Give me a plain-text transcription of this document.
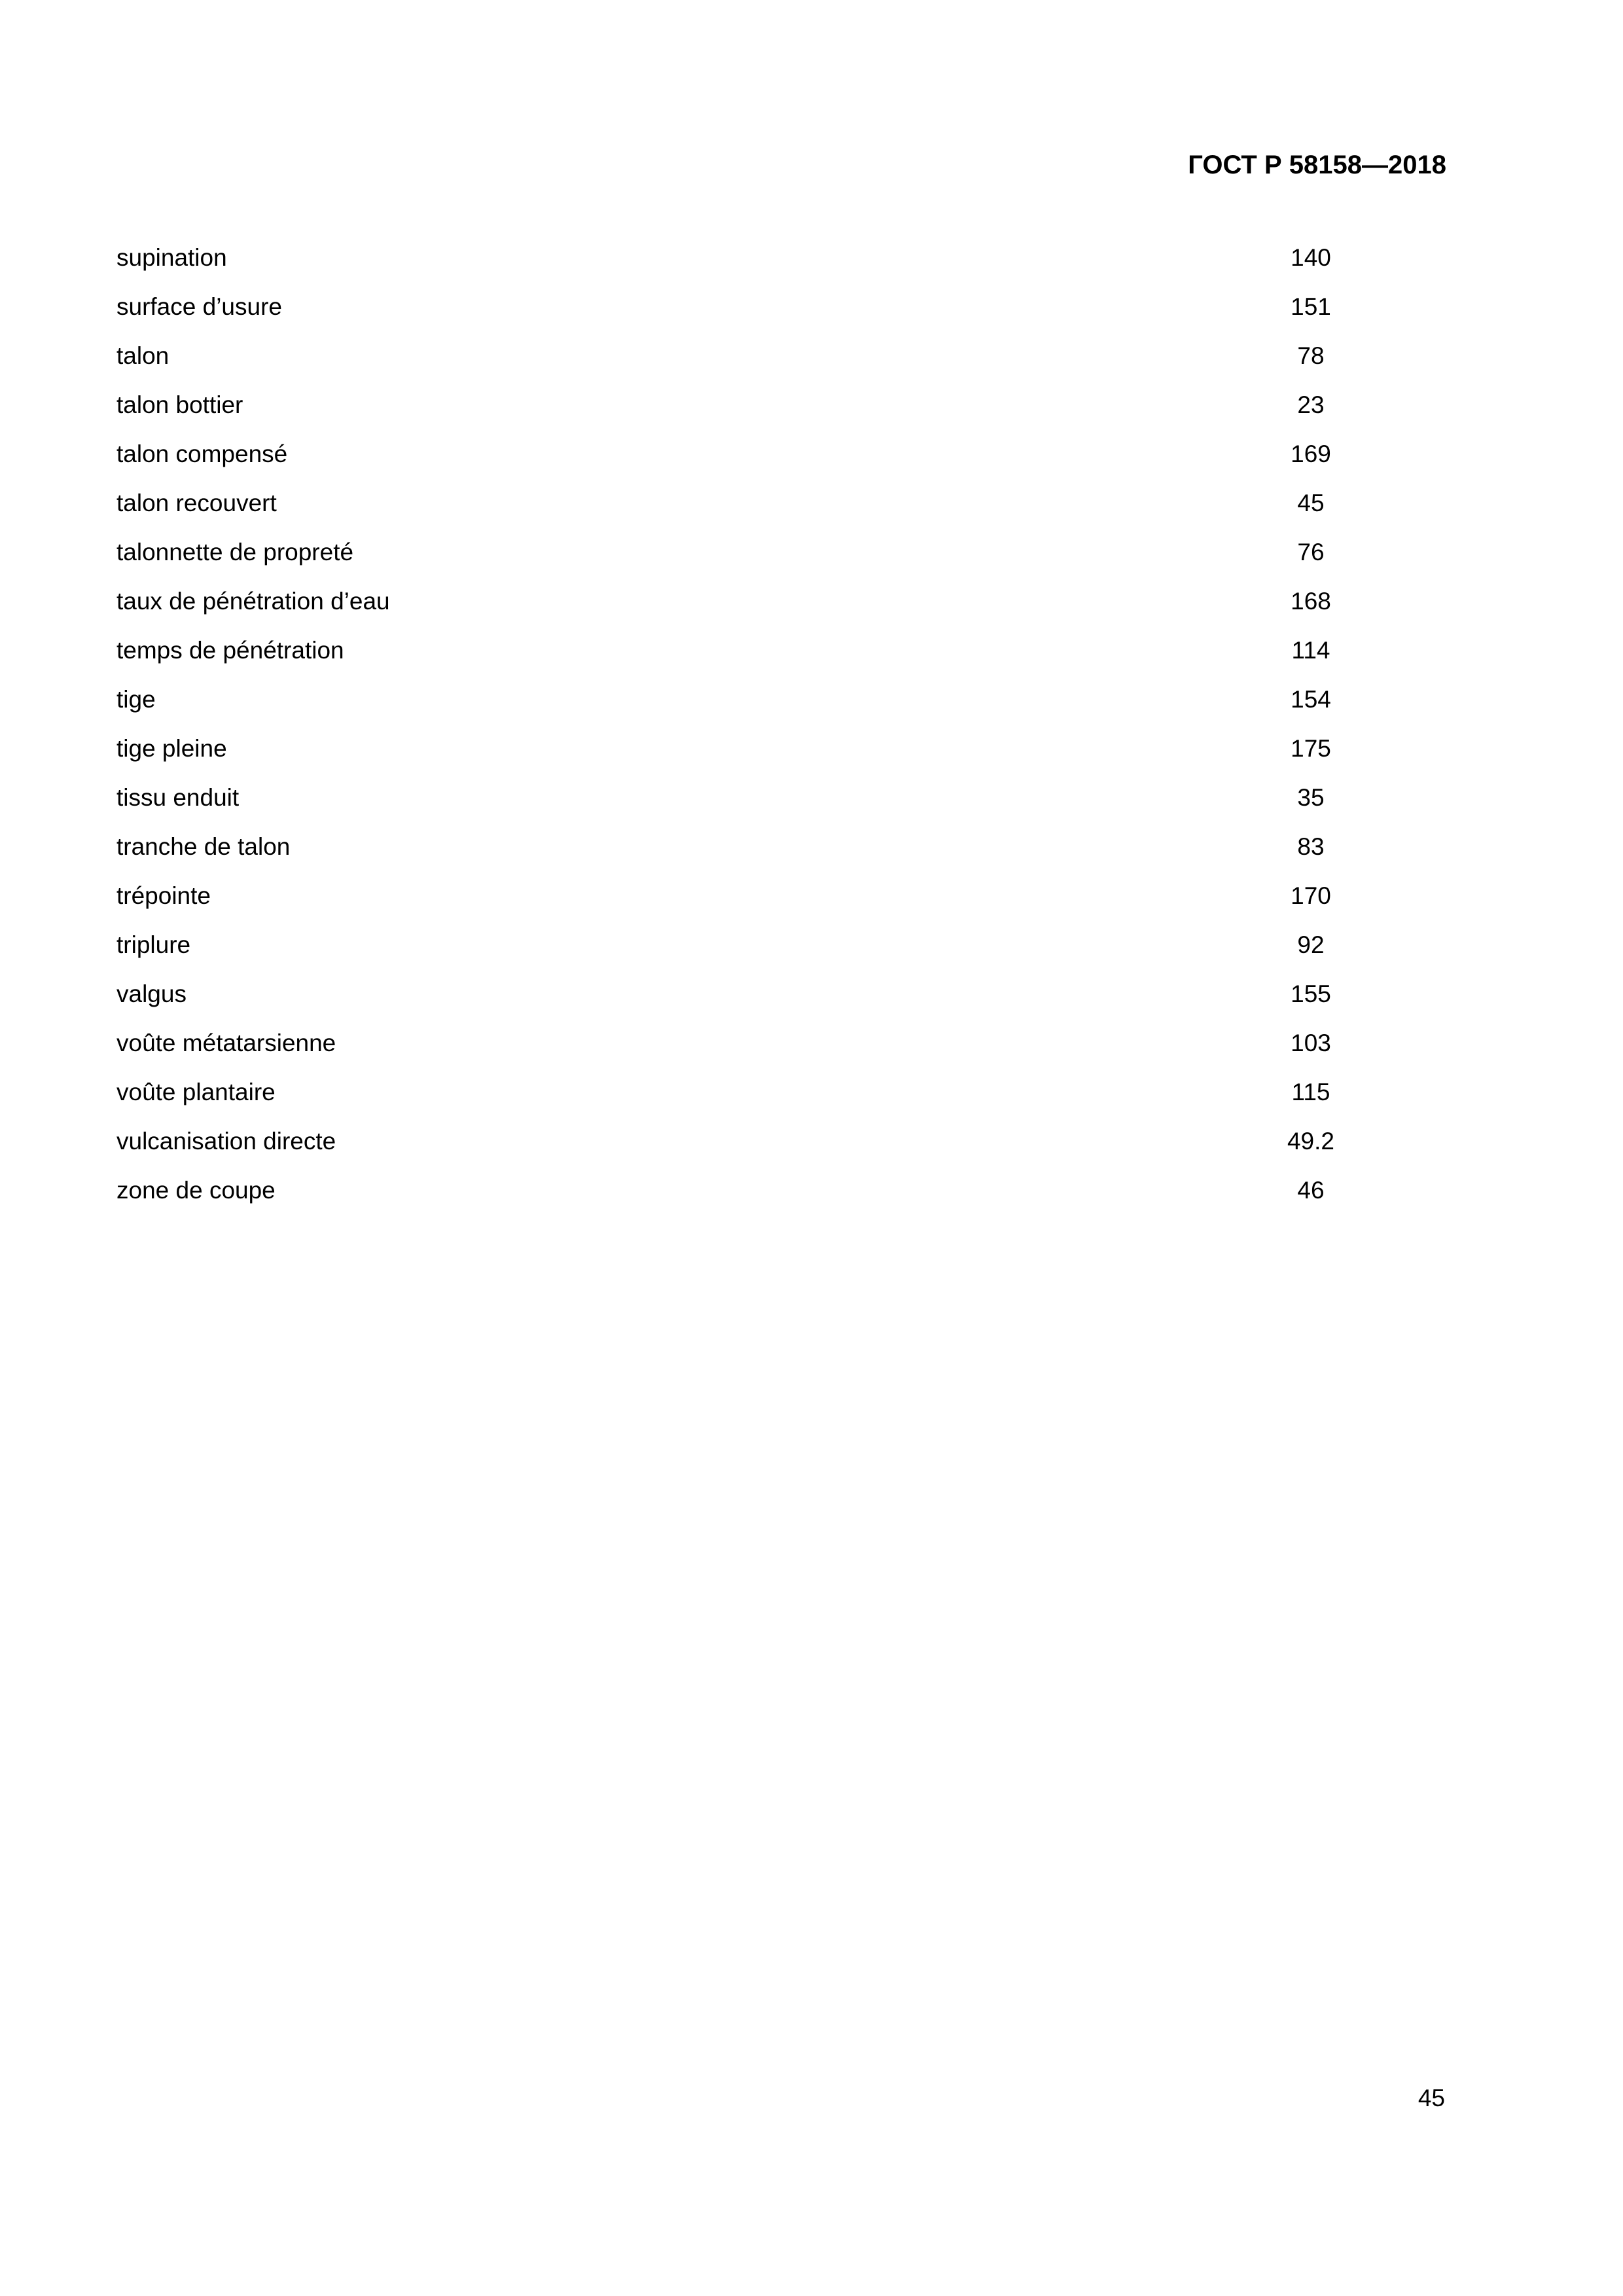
ГОСТ Р 58158—2018
supination	140
surface d’usure	151
talon	78
talon bottier	23
talon compensé	169
talon recouvert	45
talonnette de propreté	76
taux de pénétration d’eau	168
temps de pénétration	114
tige	154
tige pleine	175
tissu enduit	35
tranche de talon	83
trépointe	170
triplure	92
valgus	155
voûte métatarsienne	103
voûte plantaire	115
vulcanisation directe	49.2
zone de coupe	46
45
